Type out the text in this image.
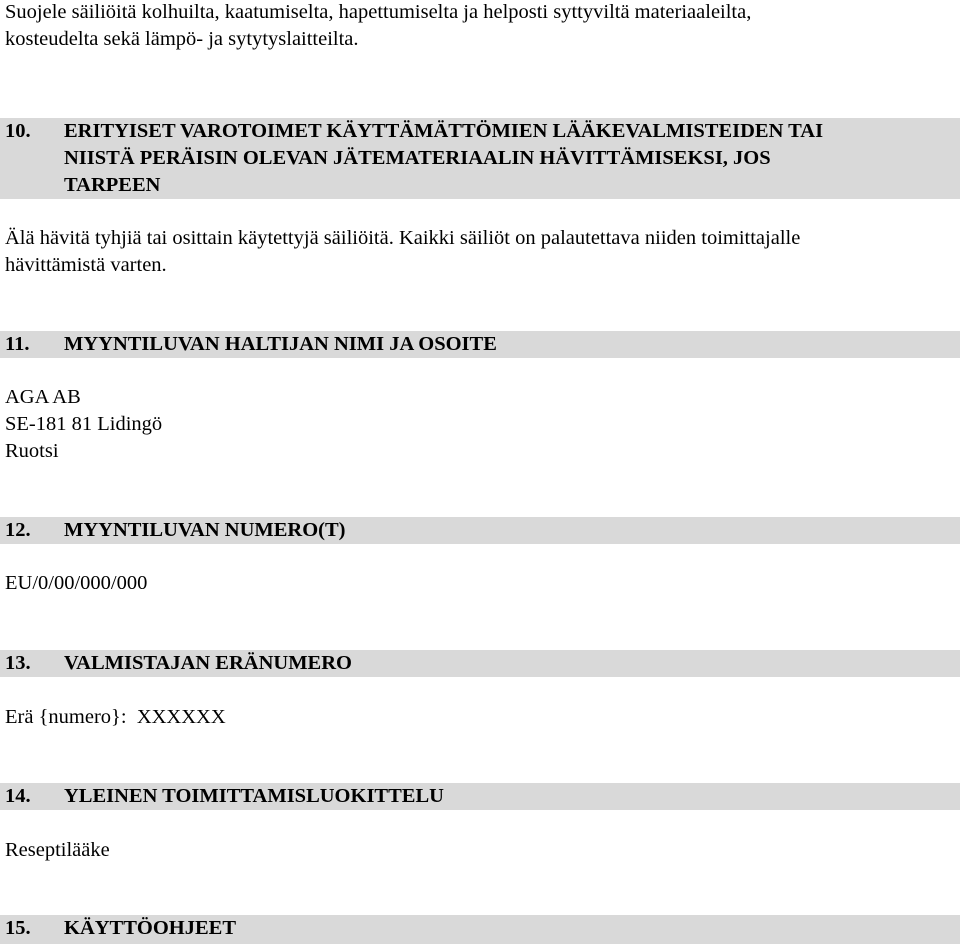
Suojele säiliöitä kolhuilta, kaatumiselta, hapettumiselta ja helposti syttyviltä materiaaleilta,
kosteudelta sekä lämpö- ja sytytyslaitteilta.
10.	ERITYISET VAROTOIMET KÄYTTÄMÄTTÖMIEN LÄÄKEVALMISTEIDEN TAI
NIISTÄ PERÄISIN OLEVAN JÄTEMATERIAALIN HÄVITTÄMISEKSI, JOS
TARPEEN
Älä hävitä tyhjiä tai osittain käytettyjä säiliöitä. Kaikki säiliöt on palautettava niiden toimittajalle
hävittämistä varten.
11.	MYYNTILUVAN HALTIJAN NIMI JA OSOITE
AGA AB
SE-181 81 Lidingö
Ruotsi
12.	MYYNTILUVAN NUMERO(T)
EU/0/00/000/000
13.	VALMISTAJAN ERÄNUMERO
Erä {numero}:  XXXXXX
14.	YLEINEN TOIMITTAMISLUOKITTELU
Reseptilääke
15.	KÄYTTÖOHJEET
